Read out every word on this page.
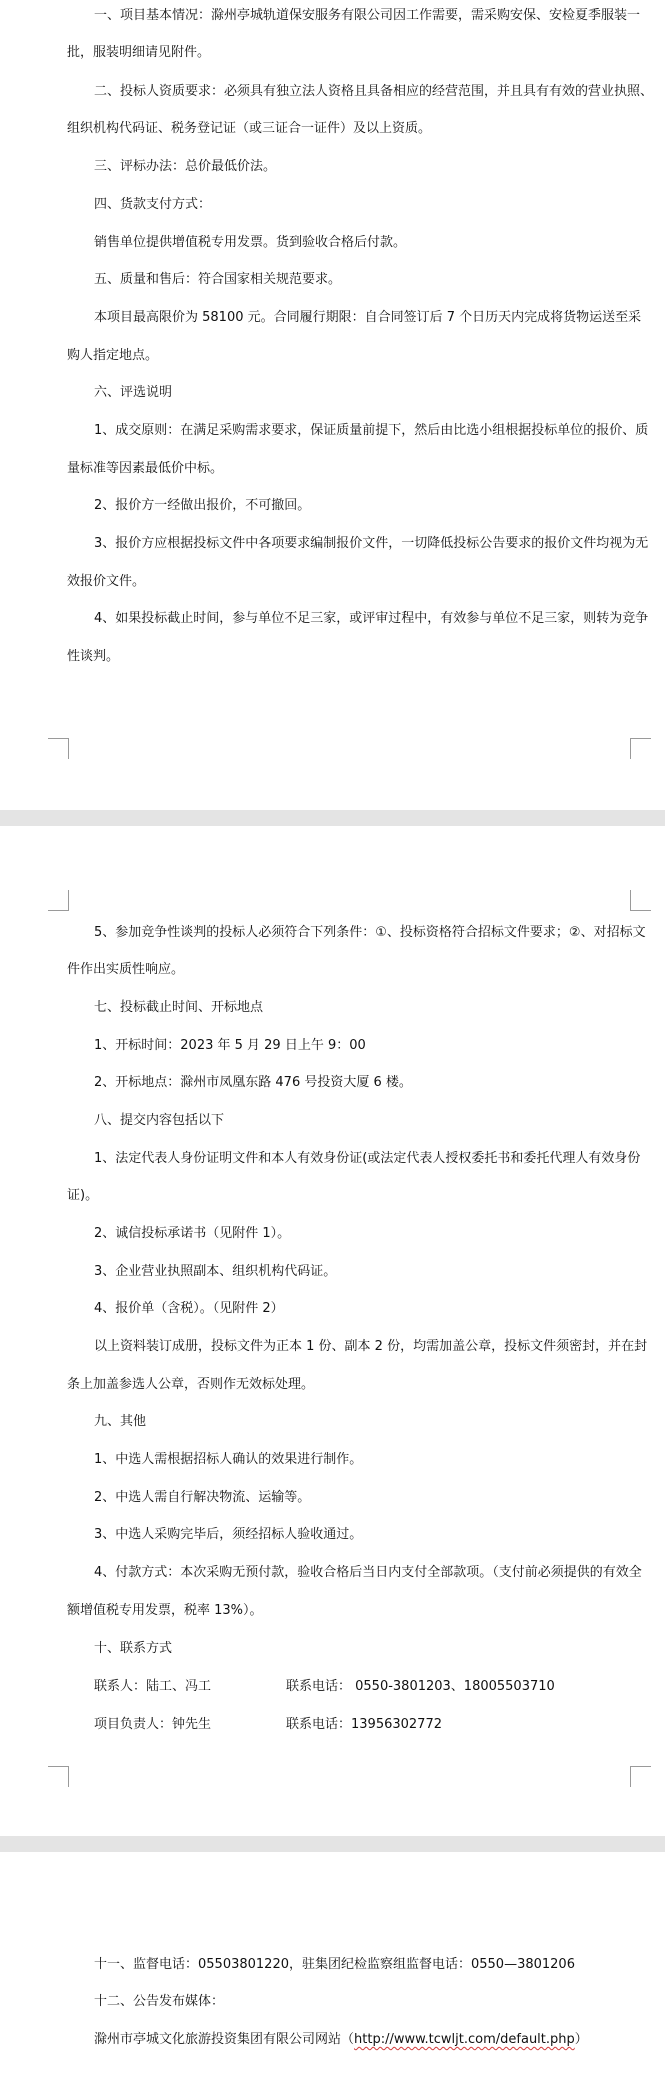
一、项目基本情况：滁州亭城轨道保安服务有限公司因工作需要，需采购安保、安检夏季服装一
批，服装明细请见附件。
二、投标人资质要求：必须具有独立法人资格且具备相应的经营范围，并且具有有效的营业执照、
组织机构代码证、税务登记证（或三证合一证件）及以上资质。
三、评标办法：总价最低价法。
四、货款支付方式：
销售单位提供增值税专用发票。货到验收合格后付款。
五、质量和售后：符合国家相关规范要求。
本项目最高限价为 58100 元。合同履行期限：自合同签订后 7 个日历天内完成将货物运送至采
购人指定地点。
六、评选说明
1、成交原则：在满足采购需求要求，保证质量前提下，然后由比选小组根据投标单位的报价、质
量标准等因素最低价中标。
2、报价方一经做出报价，不可撤回。
3、报价方应根据投标文件中各项要求编制报价文件，一切降低投标公告要求的报价文件均视为无
效报价文件。
4、如果投标截止时间，参与单位不足三家，或评审过程中，有效参与单位不足三家，则转为竞争
性谈判。
5、参加竞争性谈判的投标人必须符合下列条件：①、投标资格符合招标文件要求；②、对招标文
件作出实质性响应。
七、投标截止时间、开标地点
1、开标时间：2023 年 5 月 29 日上午 9：00
2、开标地点：滁州市凤凰东路 476 号投资大厦 6 楼。
八、提交内容包括以下
1、法定代表人身份证明文件和本人有效身份证(或法定代表人授权委托书和委托代理人有效身份
证)。
2、诚信投标承诺书（见附件 1）。
3、企业营业执照副本、组织机构代码证。
4、报价单（含税）。（见附件 2）
以上资料装订成册，投标文件为正本 1 份、副本 2 份，均需加盖公章，投标文件须密封，并在封
条上加盖参选人公章，否则作无效标处理。
九、其他
1、中选人需根据招标人确认的效果进行制作。
2、中选人需自行解决物流、运输等。
3、中选人采购完毕后，须经招标人验收通过。
4、付款方式：本次采购无预付款，验收合格后当日内支付全部款项。（支付前必须提供的有效全
额增值税专用发票，税率 13%）。
十、联系方式
联系人：陆工、冯工	联系电话： 0550-3801203、18005503710
项目负责人：钟先生	联系电话：13956302772
十一、监督电话：05503801220，驻集团纪检监察组监督电话：0550—3801206
十二、公告发布媒体：
滁州市亭城文化旅游投资集团有限公司网站（http://www.tcwljt.com/default.php）
